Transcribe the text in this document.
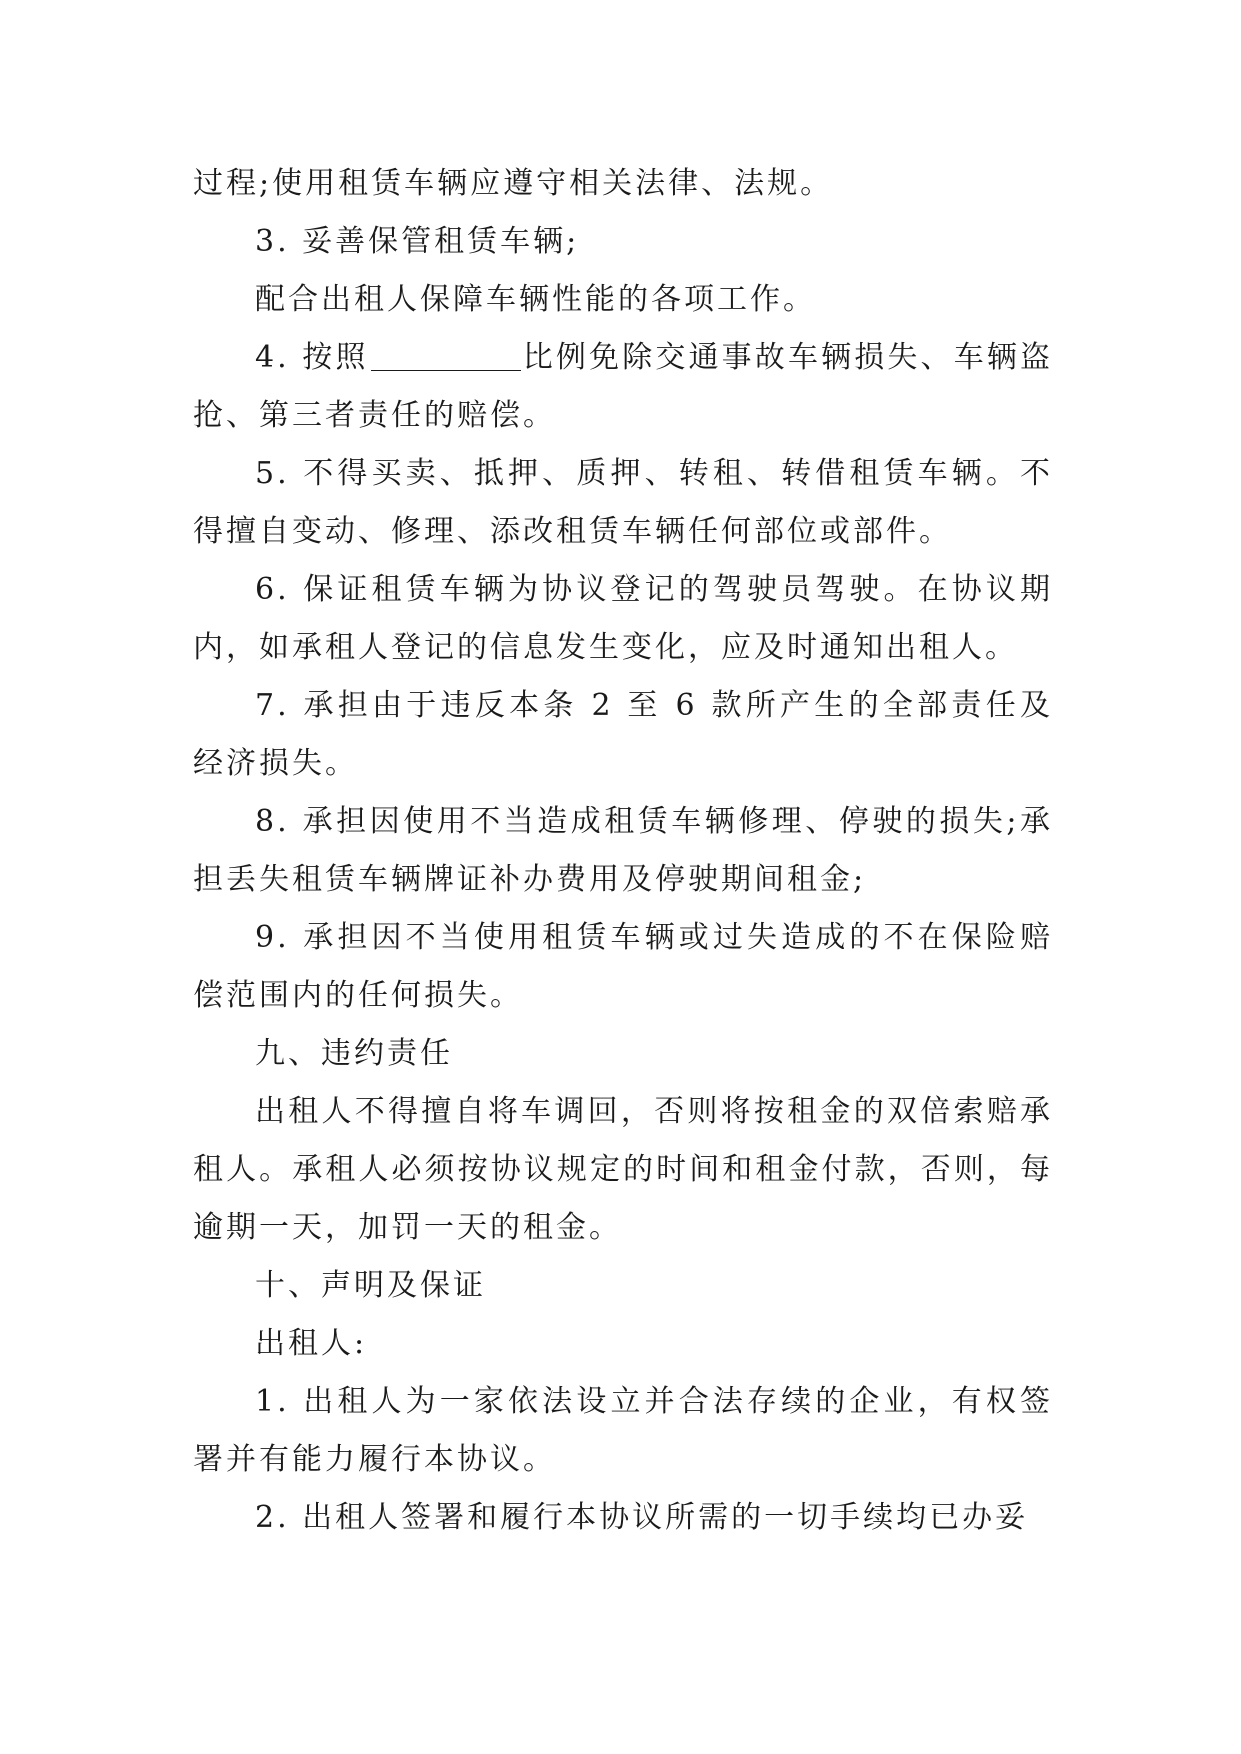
过程;使用租赁车辆应遵守相关法律、法规。

3. 妥善保管租赁车辆;

配合出租人保障车辆性能的各项工作。

4. 按照	比例免除交通事故车辆损失、车辆盗抢、第三者责任的赔偿。

5. 不得买卖、抵押、质押、转租、转借租赁车辆。不得擅自变动、修理、添改租赁车辆任何部位或部件。

6. 保证租赁车辆为协议登记的驾驶员驾驶。在协议期内，如承租人登记的信息发生变化，应及时通知出租人。

7. 承担由于违反本条 2 至 6 款所产生的全部责任及经济损失。

8. 承担因使用不当造成租赁车辆修理、停驶的损失;承担丢失租赁车辆牌证补办费用及停驶期间租金;

9. 承担因不当使用租赁车辆或过失造成的不在保险赔偿范围内的任何损失。

九、违约责任

出租人不得擅自将车调回，否则将按租金的双倍索赔承租人。承租人必须按协议规定的时间和租金付款，否则，每逾期一天，加罚一天的租金。

十、声明及保证

出租人:

1. 出租人为一家依法设立并合法存续的企业，有权签署并有能力履行本协议。

2. 出租人签署和履行本协议所需的一切手续均已办妥
